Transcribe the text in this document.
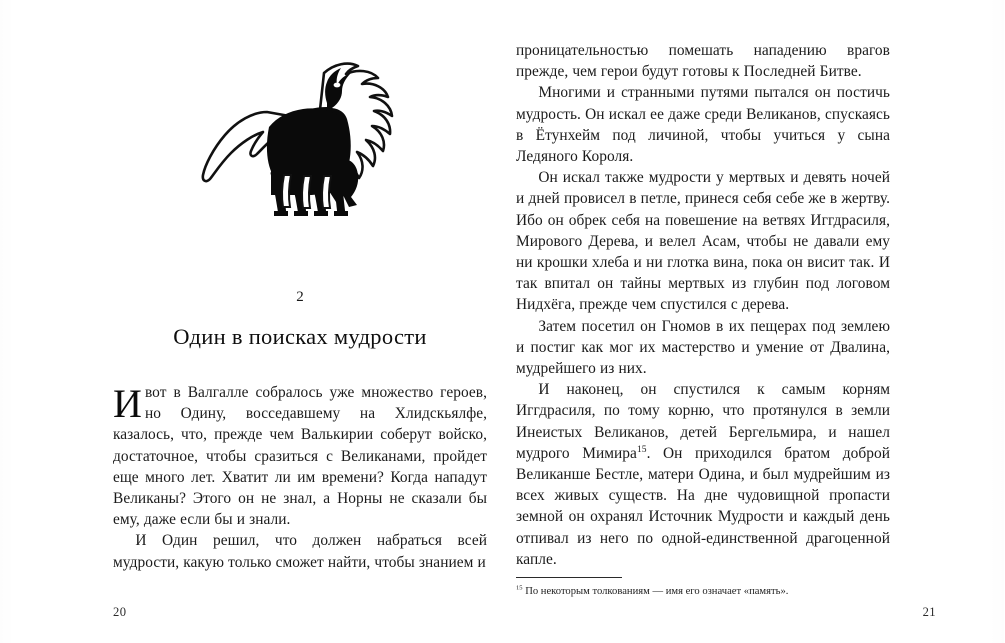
2
Один в поисках мудрости

Ивот в Валгалле собралось уже множество героев, но Одину, восседавшему на Хлидскьялфе, казалось, что, прежде чем Валькирии соберут войско, достаточное, чтобы сразиться с Великанами, пройдет еще много лет. Хватит ли им времени? Когда нападут Великаны? Этого он не знал, а Норны не сказали бы ему, даже если бы и знали.

И Один решил, что должен набраться всей мудрости, какую только сможет найти, чтобы знанием и

20

проницательностью помешать нападению врагов прежде, чем герои будут готовы к Последней Битве.

Многими и странными путями пытался он постичь мудрость. Он искал ее даже среди Великанов, спускаясь в Ётунхейм под личиной, чтобы учиться у сына Ледяного Короля.

Он искал также мудрости у мертвых и девять ночей и дней провисел в петле, принеся себя себе же в жертву. Ибо он обрек себя на повешение на ветвях Иггдрасиля, Мирового Дерева, и велел Асам, чтобы не давали ему ни крошки хлеба и ни глотка вина, пока он висит так. И так впитал он тайны мертвых из глубин под логовом Нидхёга, прежде чем спустился с дерева.

Затем посетил он Гномов в их пещерах под землею и постиг как мог их мастерство и умение от Двалина, мудрейшего из них.

И наконец, он спустился к самым корням Иггдрасиля, по тому корню, что протянулся в земли Инеистых Великанов, детей Бергельмира, и нашел мудрого Мимира$^{15}$. Он приходился братом доброй Великанше Бестле, матери Одина, и был мудрейшим из всех живых существ. На дне чудовищной пропасти земной он охранял Источник Мудрости и каждый день отпивал из него по одной-единственной драгоценной капле.

$^{15}$ По некоторым толкованиям — имя его означает «память».
21
